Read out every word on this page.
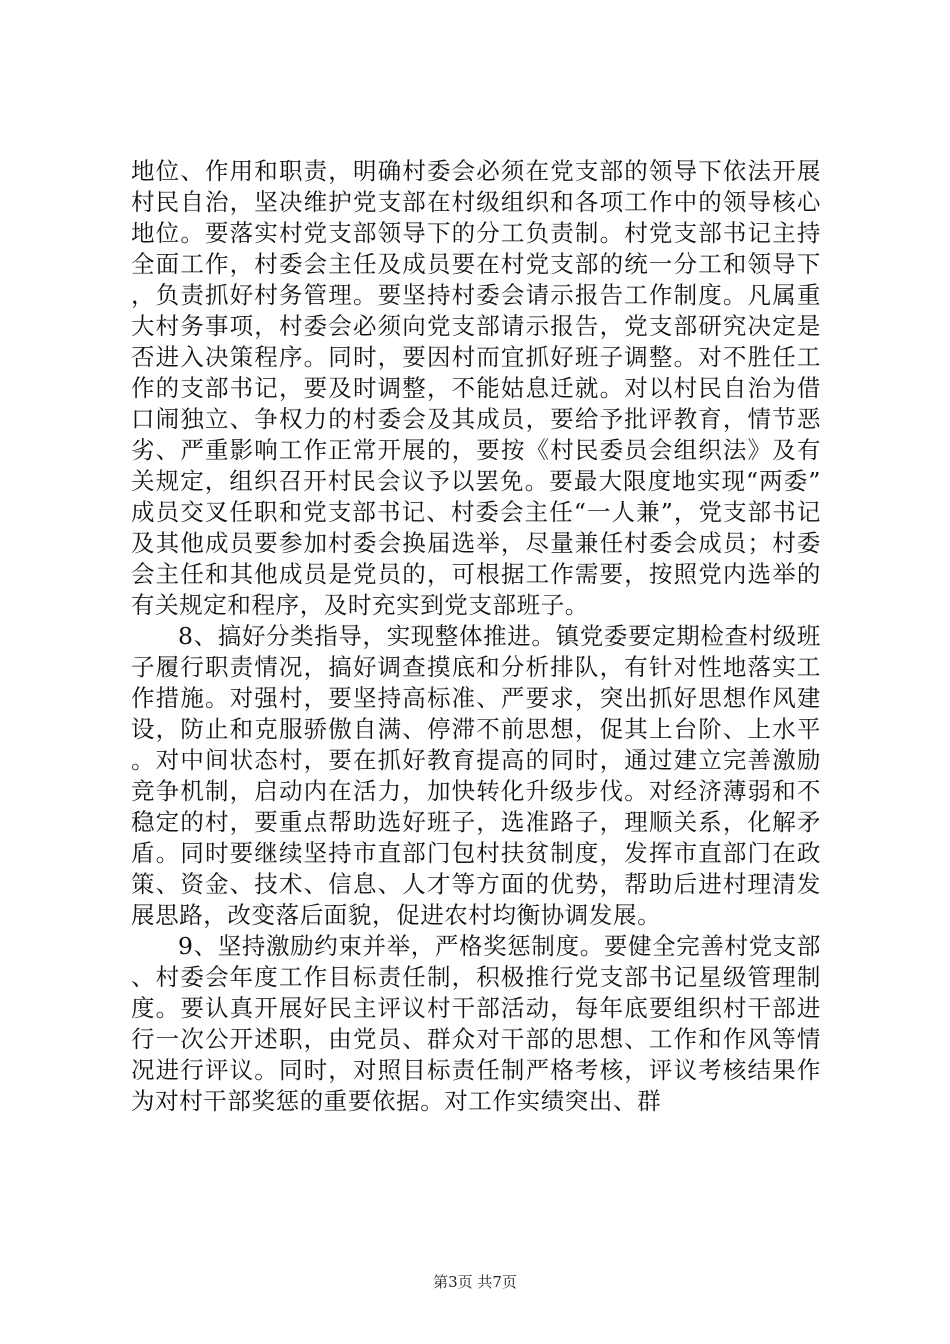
地位、作用和职责，明确村委会必须在党支部的领导下依法开展村民自治，坚决维护党支部在村级组织和各项工作中的领导核心地位。要落实村党支部领导下的分工负责制。村党支部书记主持全面工作，村委会主任及成员要在村党支部的统一分工和领导下，负责抓好村务管理。要坚持村委会请示报告工作制度。凡属重大村务事项，村委会必须向党支部请示报告，党支部研究决定是否进入决策程序。同时，要因村而宜抓好班子调整。对不胜任工作的支部书记，要及时调整，不能姑息迁就。对以村民自治为借口闹独立、争权力的村委会及其成员，要给予批评教育，情节恶劣、严重影响工作正常开展的，要按《村民委员会组织法》及有关规定，组织召开村民会议予以罢免。要最大限度地实现“两委”成员交叉任职和党支部书记、村委会主任“一人兼”，党支部书记及其他成员要参加村委会换届选举，尽量兼任村委会成员；村委会主任和其他成员是党员的，可根据工作需要，按照党内选举的有关规定和程序，及时充实到党支部班子。

8、搞好分类指导，实现整体推进。镇党委要定期检查村级班子履行职责情况，搞好调查摸底和分析排队，有针对性地落实工作措施。对强村，要坚持高标准、严要求，突出抓好思想作风建设，防止和克服骄傲自满、停滞不前思想，促其上台阶、上水平。对中间状态村，要在抓好教育提高的同时，通过建立完善激励竞争机制，启动内在活力，加快转化升级步伐。对经济薄弱和不稳定的村，要重点帮助选好班子，选准路子，理顺关系，化解矛盾。同时要继续坚持市直部门包村扶贫制度，发挥市直部门在政策、资金、技术、信息、人才等方面的优势，帮助后进村理清发展思路，改变落后面貌，促进农村均衡协调发展。

9、坚持激励约束并举，严格奖惩制度。要健全完善村党支部、村委会年度工作目标责任制，积极推行党支部书记星级管理制度。要认真开展好民主评议村干部活动，每年底要组织村干部进行一次公开述职，由党员、群众对干部的思想、工作和作风等情况进行评议。同时，对照目标责任制严格考核，评议考核结果作为对村干部奖惩的重要依据。对工作实绩突出、群

第3页 共7页
